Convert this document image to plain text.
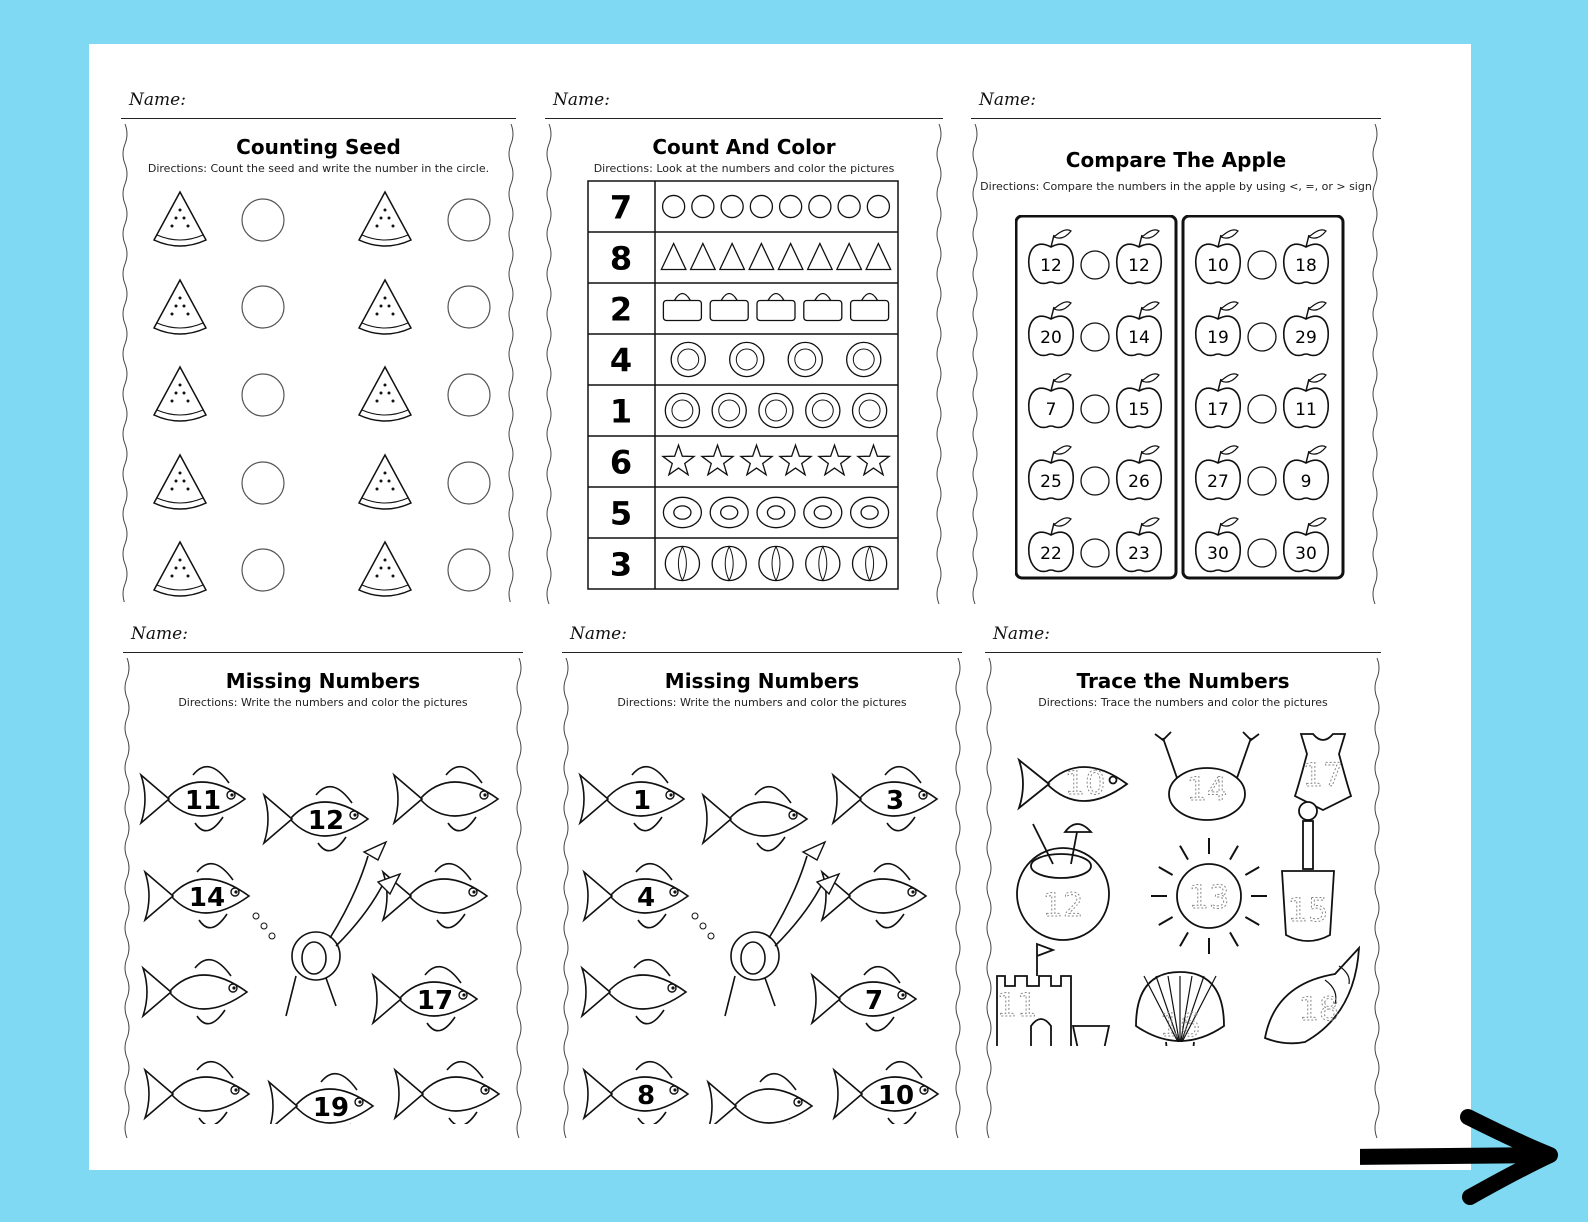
Name:
Counting Seed
Directions: Count the seed and write the number in the circle.
Name:
Count And Color
Directions: Look at the numbers and color the pictures
7
8
2
4
1
6
5
3
Name:
Compare The Apple
Directions: Compare the numbers in the apple by using <, =, or > sign
12	12
20	14
7	15
25	26
22	23
10	18
19	29
17	11
27	9
30	30
Name:
Missing Numbers
Directions: Write the numbers and color the pictures
11
12
14
17
19
Name:
Missing Numbers
Directions: Write the numbers and color the pictures
1	3
4
7
8	10
Name:
Trace the Numbers
Directions: Trace the numbers and color the pictures
10	14 17
12	13 15
11
16	18
